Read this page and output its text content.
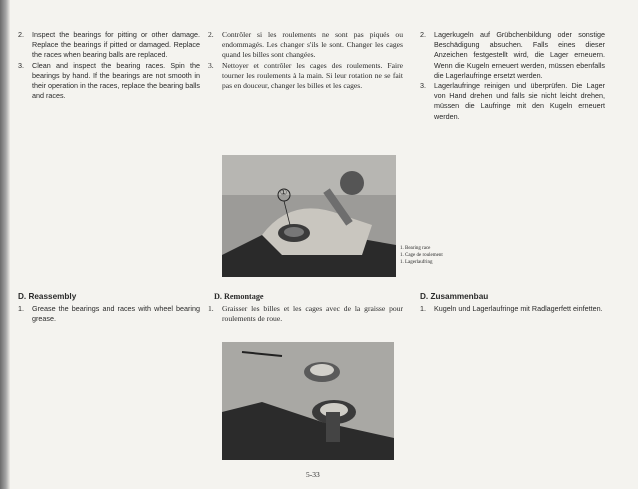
2.	Inspect the bearings for pitting or other damage. Replace the bearings if pitted or damaged. Replace the races when bearing balls are replaced.
3.	Clean and inspect the bearing races. Spin the bearings by hand. If the bearings are not smooth in their operation in the races, replace the bearing balls and races.
2.	Contrôler si les roulements ne sont pas piqués ou endommagés. Les changer s'ils le sont. Changer les cages quand les billes sont changées.
3.	Nettoyer et contrôler les cages des roulements. Faire tourner les roulements à la main. Si leur rotation ne se fait pas en douceur, changer les billes et les cages.
2.	Lagerkugeln auf Grübchenbildung oder sonstige Beschädigung absuchen. Falls eines dieser Anzeichen festgestellt wird, die Lager erneuern. Wenn die Kugeln erneuert werden, müssen ebenfalls die Lagerlaufringe ersetzt werden.
3.	Lagerlaufringe reinigen und überprüfen. Die Lager von Hand drehen und falls sie nicht leicht drehen, müssen die Laufringe mit den Kugeln erneuert werden.
①
1. Bearing race
1. Cage de roulement
1. Lagerlaufring
D. Reassembly	D. Remontage	D. Zusammenbau
1.	Grease the bearings and races with wheel bearing grease.
1.	Graisser les billes et les cages avec de la graisse pour roulements de roue.
1.	Kugeln und Lagerlaufringe mit Radlagerfett einfetten.
5-33
